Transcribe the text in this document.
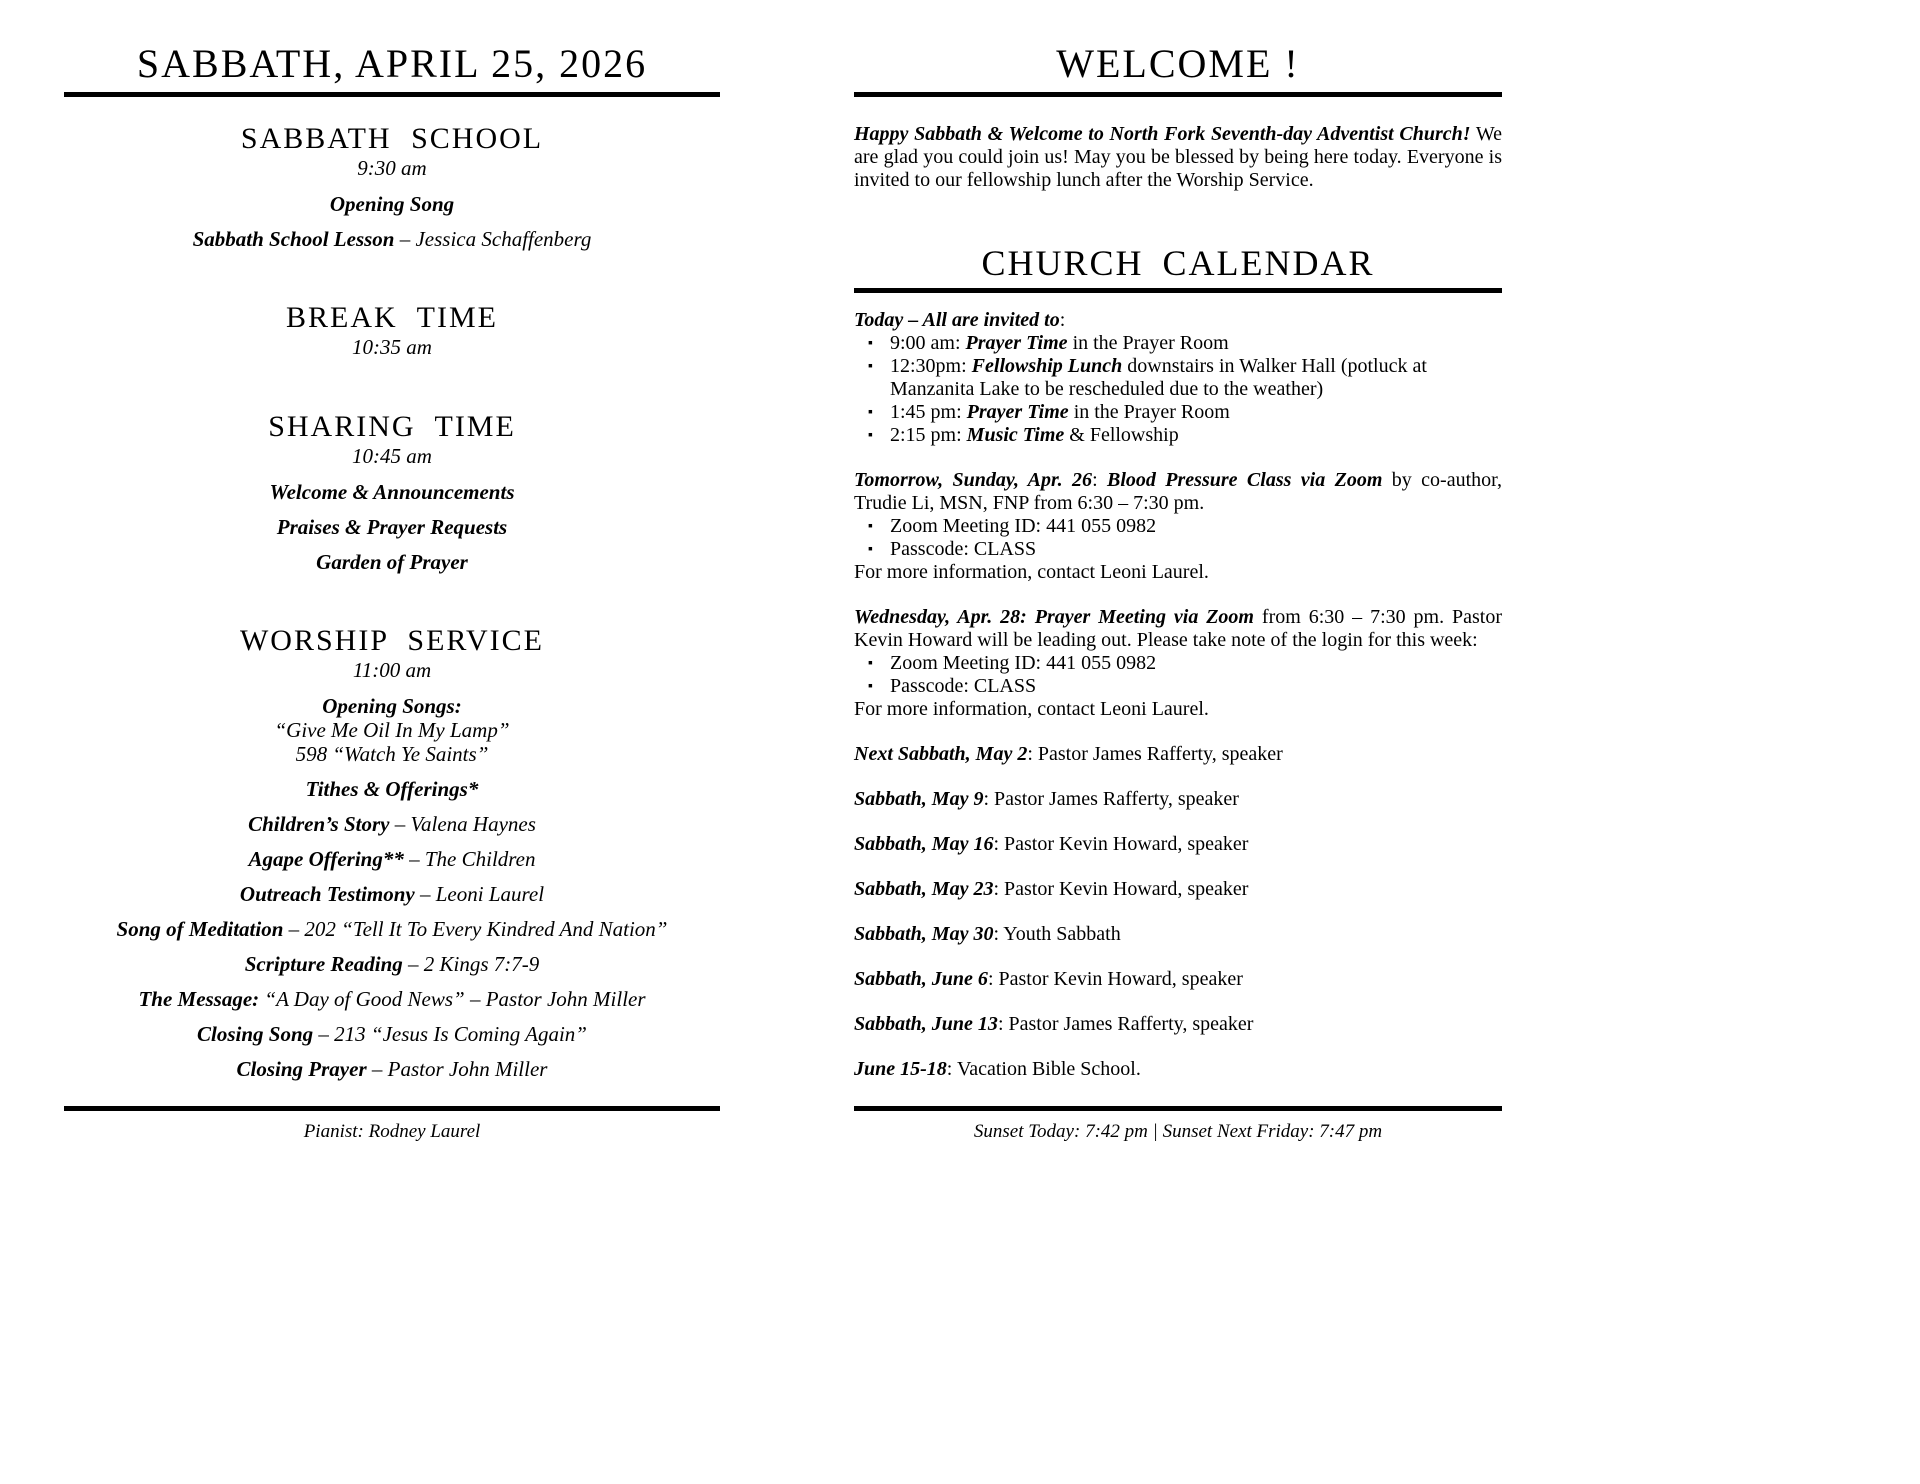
SABBATH, APRIL 25, 2026
SABBATH SCHOOL
9:30 am

Opening Song

Sabbath School Lesson – Jessica Schaffenberg

BREAK TIME
10:35 am
SHARING TIME
10:45 am

Welcome & Announcements

Praises & Prayer Requests

Garden of Prayer

WORSHIP SERVICE
11:00 am

Opening Songs:

“Give Me Oil In My Lamp”

598 “Watch Ye Saints”

Tithes & Offerings*

Children’s Story – Valena Haynes

Agape Offering** – The Children

Outreach Testimony – Leoni Laurel

Song of Meditation – 202 “Tell It To Every Kindred And Nation”

Scripture Reading – 2 Kings 7:7-9

The Message: “A Day of Good News” – Pastor John Miller

Closing Song – 213 “Jesus Is Coming Again”

Closing Prayer – Pastor John Miller

Pianist: Rodney Laurel

WELCOME !

Happy Sabbath & Welcome to North Fork Seventh-day Adventist Church! We are glad you could join us! May you be blessed by being here today. Everyone is invited to our fellowship lunch after the Worship Service.

CHURCH CALENDAR

Today – All are invited to:

▪ 9:00 am: Prayer Time in the Prayer Room
▪ 12:30pm: Fellowship Lunch downstairs in Walker Hall (potluck at Manzanita Lake to be rescheduled due to the weather)
▪ 1:45 pm: Prayer Time in the Prayer Room
▪ 2:15 pm: Music Time & Fellowship

Tomorrow, Sunday, Apr. 26: Blood Pressure Class via Zoom by co-author, Trudie Li, MSN, FNP from 6:30 – 7:30 pm.

▪ Zoom Meeting ID: 441 055 0982
▪ Passcode: CLASS

For more information, contact Leoni Laurel.

Wednesday, Apr. 28: Prayer Meeting via Zoom from 6:30 – 7:30 pm. Pastor Kevin Howard will be leading out. Please take note of the login for this week:

▪ Zoom Meeting ID: 441 055 0982
▪ Passcode: CLASS

For more information, contact Leoni Laurel.

Next Sabbath, May 2: Pastor James Rafferty, speaker

Sabbath, May 9: Pastor James Rafferty, speaker

Sabbath, May 16: Pastor Kevin Howard, speaker

Sabbath, May 23: Pastor Kevin Howard, speaker

Sabbath, May 30: Youth Sabbath

Sabbath, June 6: Pastor Kevin Howard, speaker

Sabbath, June 13: Pastor James Rafferty, speaker

June 15-18: Vacation Bible School.

Sunset Today: 7:42 pm | Sunset Next Friday: 7:47 pm
